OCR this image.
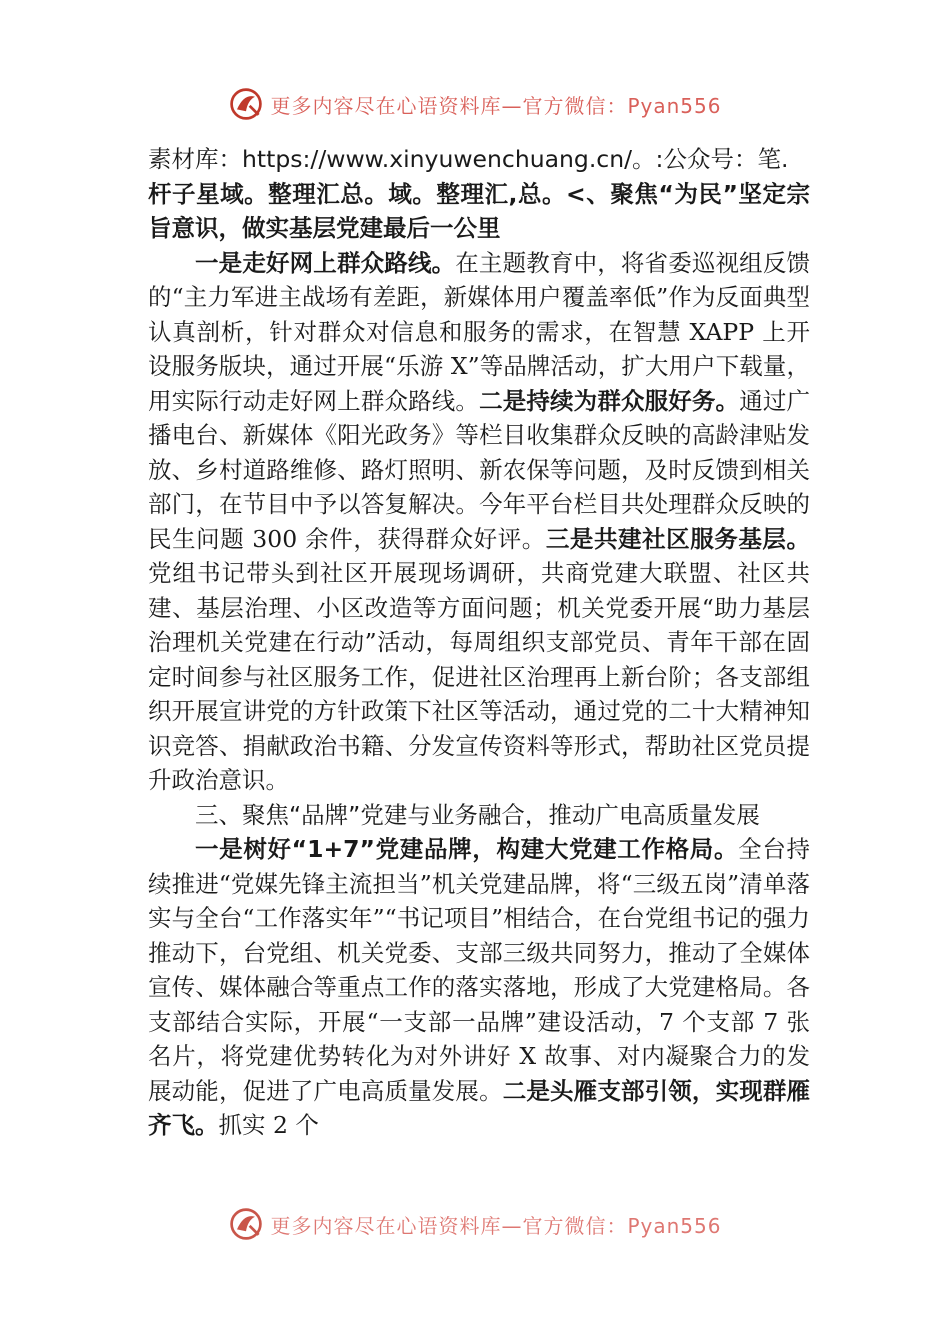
更多内容尽在心语资料库—官方微信：Pyan556

素材库：https://www.xinyuwenchuang.cn/。:公众号：笔.

杆子星域。整理汇总。域。整理汇,总。<、聚焦“为民”坚定宗旨意识，做实基层党建最后一公里

一是走好网上群众路线。在主题教育中，将省委巡视组反馈的“主力军进主战场有差距，新媒体用户覆盖率低”作为反面典型认真剖析，针对群众对信息和服务的需求，在智慧 XAPP 上开设服务版块，通过开展“乐游 X”等品牌活动，扩大用户下载量，用实际行动走好网上群众路线。二是持续为群众服好务。通过广播电台、新媒体《阳光政务》等栏目收集群众反映的高龄津贴发放、乡村道路维修、路灯照明、新农保等问题，及时反馈到相关部门，在节目中予以答复解决。今年平台栏目共处理群众反映的民生问题 300 余件，获得群众好评。三是共建社区服务基层。党组书记带头到社区开展现场调研，共商党建大联盟、社区共建、基层治理、小区改造等方面问题；机关党委开展“助力基层治理机关党建在行动”活动，每周组织支部党员、青年干部在固定时间参与社区服务工作，促进社区治理再上新台阶；各支部组织开展宣讲党的方针政策下社区等活动，通过党的二十大精神知识竞答、捐献政治书籍、分发宣传资料等形式，帮助社区党员提升政治意识。

三、聚焦“品牌”党建与业务融合，推动广电高质量发展

一是树好“1+7”党建品牌，构建大党建工作格局。全台持续推进“党媒先锋主流担当”机关党建品牌，将“三级五岗”清单落实与全台“工作落实年”“书记项目”相结合，在台党组书记的强力推动下，台党组、机关党委、支部三级共同努力，推动了全媒体宣传、媒体融合等重点工作的落实落地，形成了大党建格局。各支部结合实际，开展“一支部一品牌”建设活动，7 个支部 7 张名片，将党建优势转化为对外讲好 X 故事、对内凝聚合力的发展动能，促进了广电高质量发展。二是头雁支部引领，实现群雁齐飞。抓实 2 个

更多内容尽在心语资料库—官方微信：Pyan556
